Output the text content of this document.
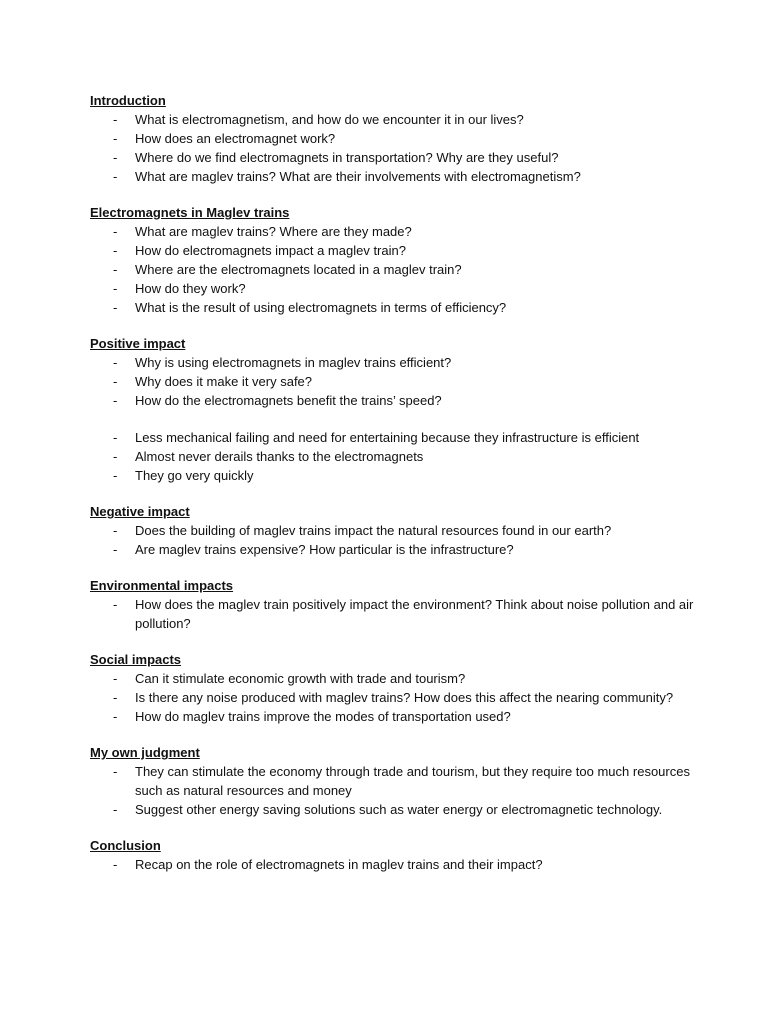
Introduction
- What is electromagnetism, and how do we encounter it in our lives?
- How does an electromagnet work?
- Where do we find electromagnets in transportation? Why are they useful?
- What are maglev trains? What are their involvements with electromagnetism?
Electromagnets in Maglev trains
- What are maglev trains? Where are they made?
- How do electromagnets impact a maglev train?
- Where are the electromagnets located in a maglev train?
- How do they work?
- What is the result of using electromagnets in terms of efficiency?
Positive impact
- Why is using electromagnets in maglev trains efficient?
- Why does it make it very safe?
- How do the electromagnets benefit the trains’ speed?
- Less mechanical failing and need for entertaining because they infrastructure is efficient
- Almost never derails thanks to the electromagnets
- They go very quickly
Negative impact
- Does the building of maglev trains impact the natural resources found in our earth?
- Are maglev trains expensive? How particular is the infrastructure?
Environmental impacts
- How does the maglev train positively impact the environment? Think about noise pollution and air pollution?
Social impacts
- Can it stimulate economic growth with trade and tourism?
- Is there any noise produced with maglev trains? How does this affect the nearing community?
- How do maglev trains improve the modes of transportation used?
My own judgment
- They can stimulate the economy through trade and tourism, but they require too much resources such as natural resources and money
- Suggest other energy saving solutions such as water energy or electromagnetic technology.
Conclusion
- Recap on the role of electromagnets in maglev trains and their impact?
